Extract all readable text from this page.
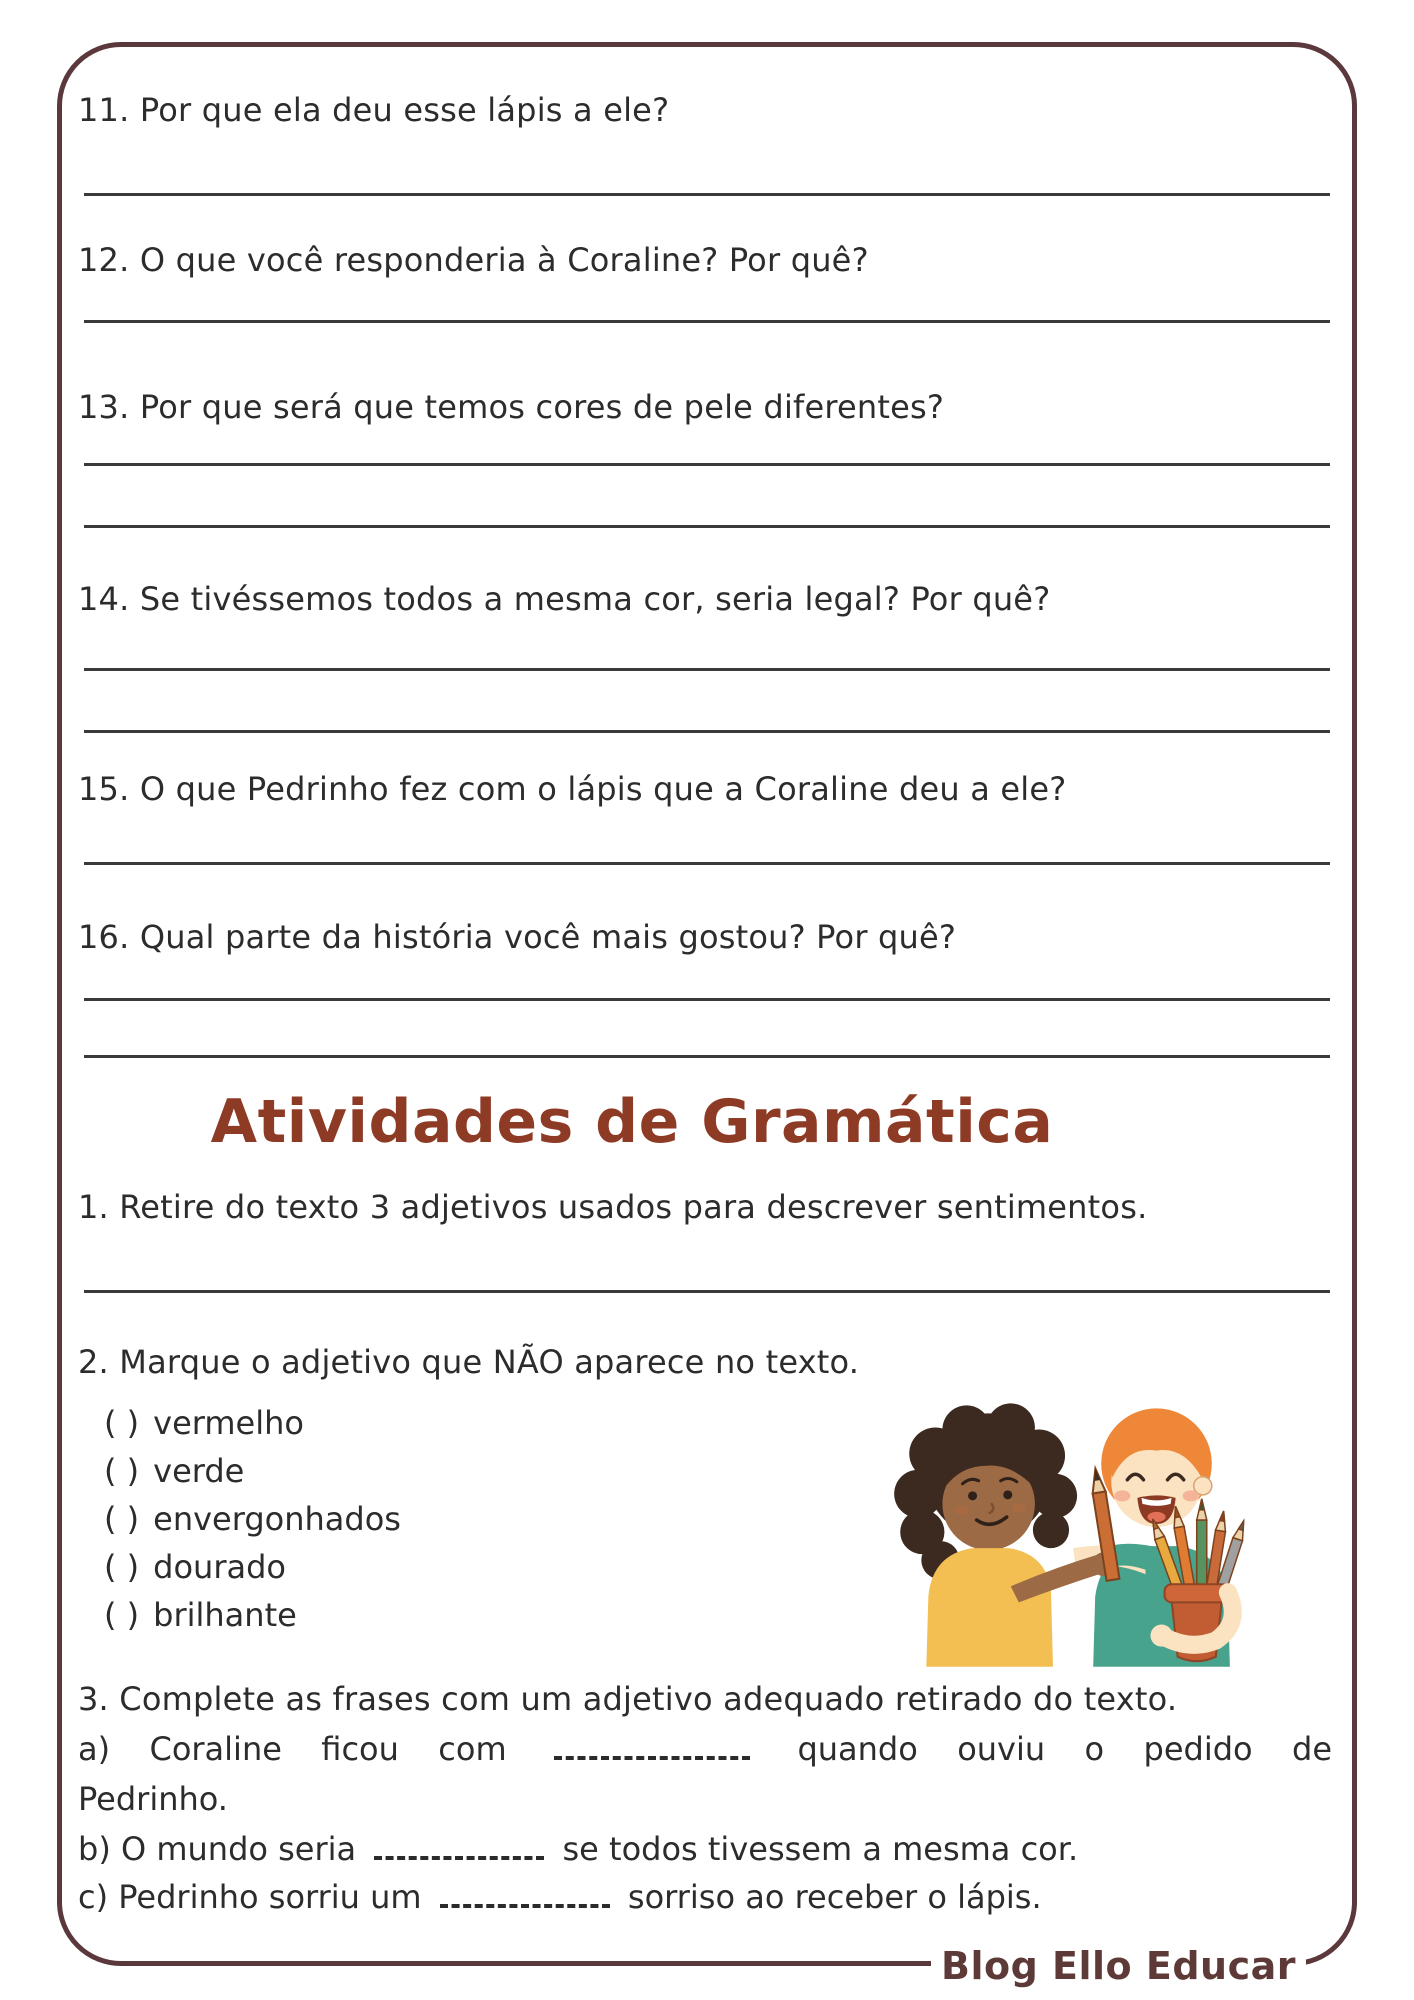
11. Por que ela deu esse lápis a ele?
12. O que você responderia à Coraline? Por quê?
13. Por que será que temos cores de pele diferentes?
14. Se tivéssemos todos a mesma cor, seria legal? Por quê?
15. O que Pedrinho fez com o lápis que a Coraline deu a ele?
16. Qual parte da história você mais gostou? Por quê?
Atividades de Gramática
1. Retire do texto 3 adjetivos usados para descrever sentimentos.
2. Marque o adjetivo que NÃO aparece no texto.
( ) vermelho
( ) verde
( ) envergonhados
( ) dourado
( ) brilhante
3. Complete as frases com um adjetivo adequado retirado do texto.
a) Coraline ficou com	quando ouviu o pedido de
Pedrinho.
b) O mundo seria	se todos tivessem a mesma cor.
c) Pedrinho sorriu um	sorriso ao receber o lápis.
Blog Ello Educar
